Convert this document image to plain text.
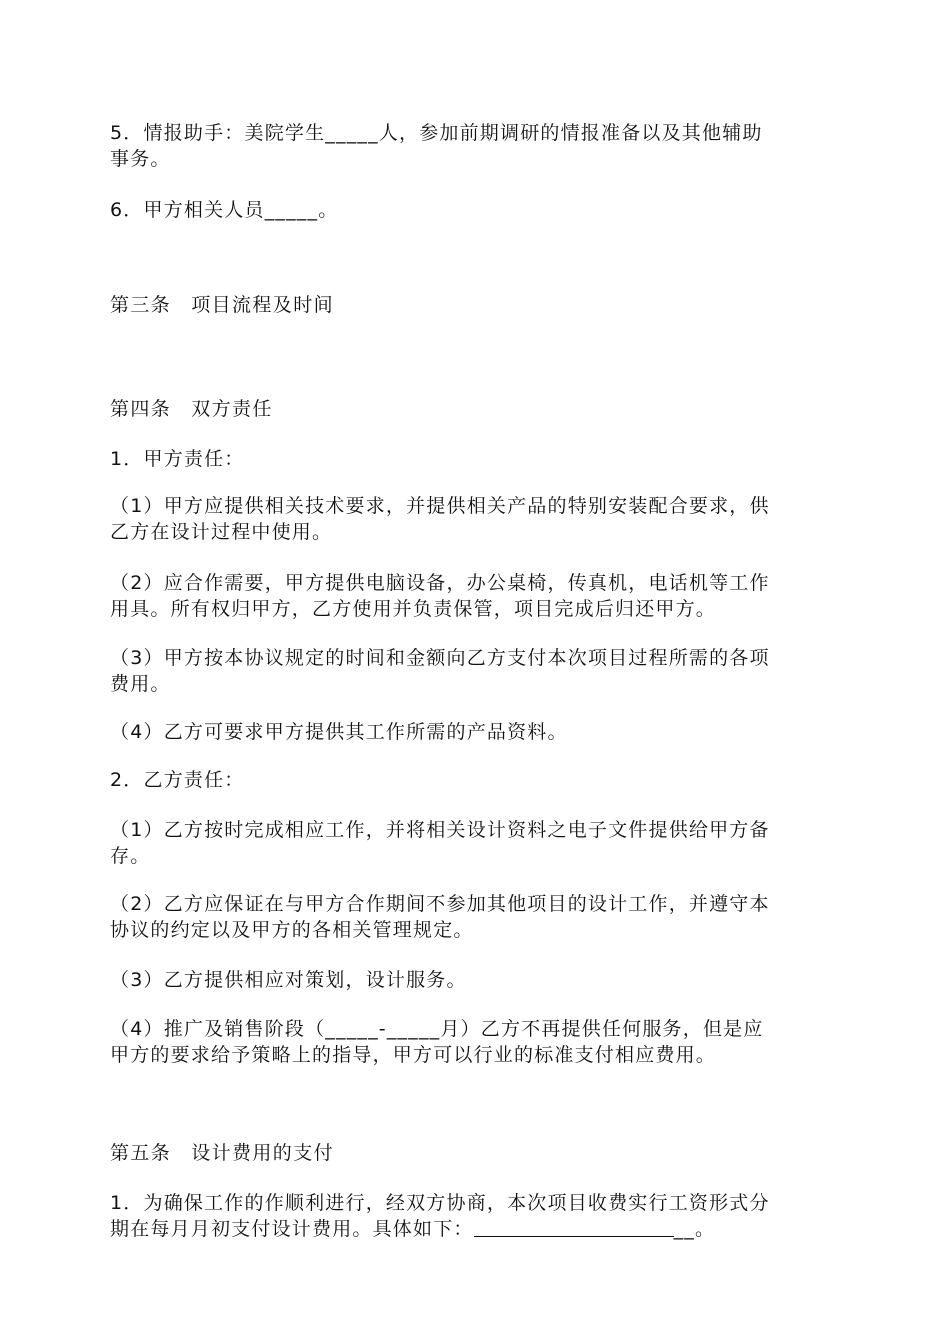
5．情报助手：美院学生_____人，参加前期调研的情报准备以及其他辅助
事务。
6．甲方相关人员_____。
第三条 项目流程及时间
第四条 双方责任
1．甲方责任：
（1）甲方应提供相关技术要求，并提供相关产品的特别安装配合要求，供
乙方在设计过程中使用。
（2）应合作需要，甲方提供电脑设备，办公桌椅，传真机，电话机等工作
用具。所有权归甲方，乙方使用并负责保管，项目完成后归还甲方。
（3）甲方按本协议规定的时间和金额向乙方支付本次项目过程所需的各项
费用。
（4）乙方可要求甲方提供其工作所需的产品资料。
2．乙方责任：
（1）乙方按时完成相应工作，并将相关设计资料之电子文件提供给甲方备
存。
（2）乙方应保证在与甲方合作期间不参加其他项目的设计工作，并遵守本
协议的约定以及甲方的各相关管理规定。
（3）乙方提供相应对策划，设计服务。
（4）推广及销售阶段（_____-_____月）乙方不再提供任何服务，但是应
甲方的要求给予策略上的指导，甲方可以行业的标准支付相应费用。
第五条 设计费用的支付
1．为确保工作的作顺利进行，经双方协商，本次项目收费实行工资形式分
期在每月月初支付设计费用。具体如下：	__。
